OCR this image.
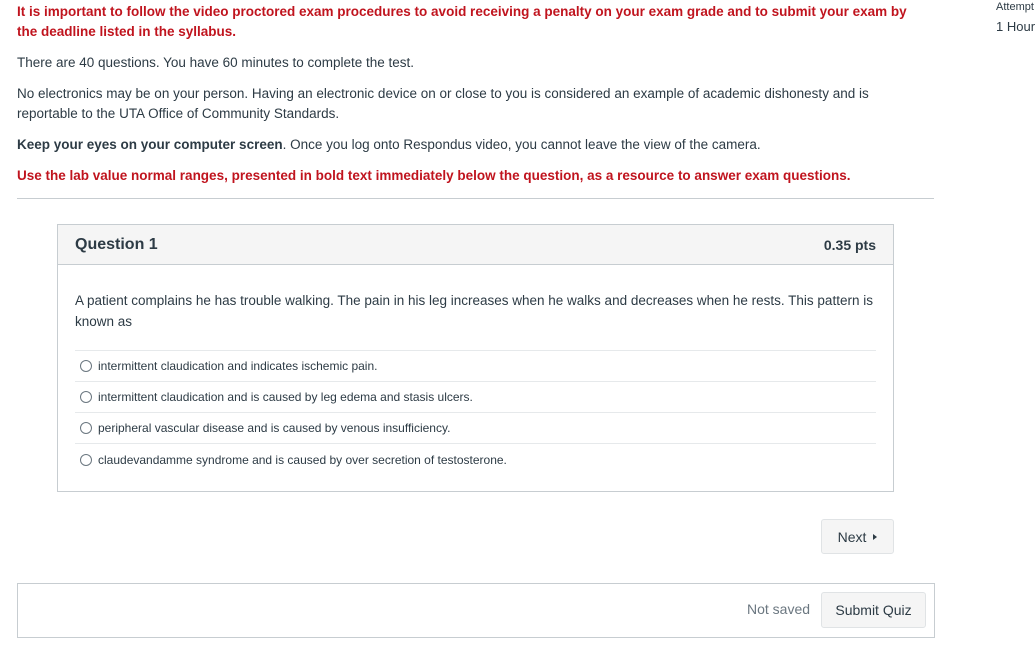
It is important to follow the video proctored exam procedures to avoid receiving a penalty on your exam grade and to submit your exam by the deadline listed in the syllabus.

There are 40 questions. You have 60 minutes to complete the test.

No electronics may be on your person. Having an electronic device on or close to you is considered an example of academic dishonesty and is reportable to the UTA Office of Community Standards.

Keep your eyes on your computer screen. Once you log onto Respondus video, you cannot leave the view of the camera.

Use the lab value normal ranges, presented in bold text immediately below the question, as a resource to answer exam questions.

Attempt
1 Hour
Question 1	0.35 pts

A patient complains he has trouble walking. The pain in his leg increases when he walks and decreases when he rests. This pattern is known as

intermittent claudication and indicates ischemic pain.
intermittent claudication and is caused by leg edema and stasis ulcers.
peripheral vascular disease and is caused by venous insufficiency.
claudevandamme syndrome and is caused by over secretion of testosterone.
Next
Not saved Submit Quiz
